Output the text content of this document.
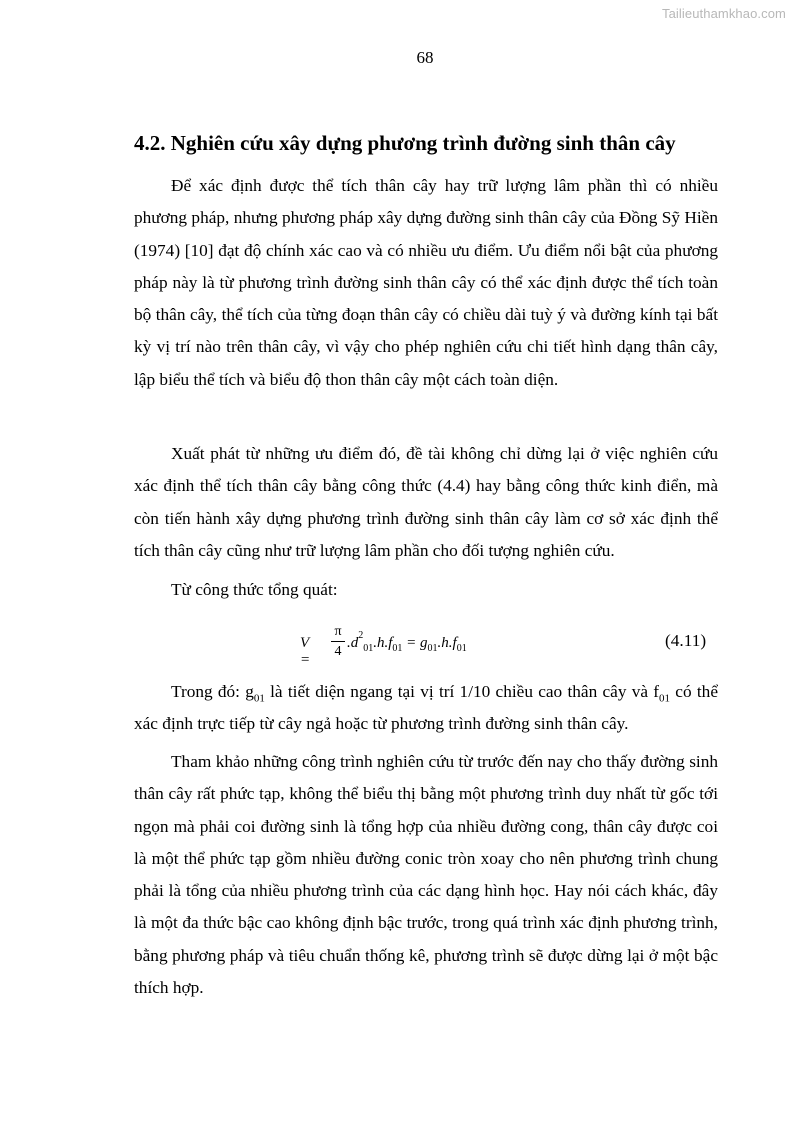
Tailieuthamkhao.com
68
4.2. Nghiên cứu xây dựng phương trình đường sinh thân cây

Để xác định được thể tích thân cây hay trữ lượng lâm phần thì có nhiều phương pháp, nhưng phương pháp xây dựng đường sinh thân cây của Đồng Sỹ Hiền (1974) [10] đạt độ chính xác cao và có nhiều ưu điểm. Ưu điểm nổi bật của phương pháp này là từ phương trình đường sinh thân cây có thể xác định được thể tích toàn bộ thân cây, thể tích của từng đoạn thân cây có chiều dài tuỳ ý và đường kính tại bất kỳ vị trí nào trên thân cây, vì vậy cho phép nghiên cứu chi tiết hình dạng thân cây, lập biểu thể tích và biểu độ thon thân cây một cách toàn diện.

Xuất phát từ những ưu điểm đó, đề tài không chỉ dừng lại ở việc nghiên cứu xác định thể tích thân cây bằng công thức (4.4) hay bằng công thức kinh điển, mà còn tiến hành xây dựng phương trình đường sinh thân cây làm cơ sở xác định thể tích thân cây cũng như trữ lượng lâm phần cho đối tượng nghiên cứu.

Từ công thức tổng quát:

V =
π
4
$.d^2_{01}.h.f_{01} = g_{01}.h.f_{01}$	(4.11)

Trong đó: $g_{01}$ là tiết diện ngang tại vị trí 1/10 chiều cao thân cây và $f_{01}$ có thể xác định trực tiếp từ cây ngả hoặc từ phương trình đường sinh thân cây.

Tham khảo những công trình nghiên cứu từ trước đến nay cho thấy đường sinh thân cây rất phức tạp, không thể biểu thị bằng một phương trình duy nhất từ gốc tới ngọn mà phải coi đường sinh là tổng hợp của nhiều đường cong, thân cây được coi là một thể phức tạp gồm nhiều đường conic tròn xoay cho nên phương trình chung phải là tổng của nhiều phương trình của các dạng hình học. Hay nói cách khác, đây là một đa thức bậc cao không định bậc trước, trong quá trình xác định phương trình, bằng phương pháp và tiêu chuẩn thống kê, phương trình sẽ được dừng lại ở một bậc thích hợp.
